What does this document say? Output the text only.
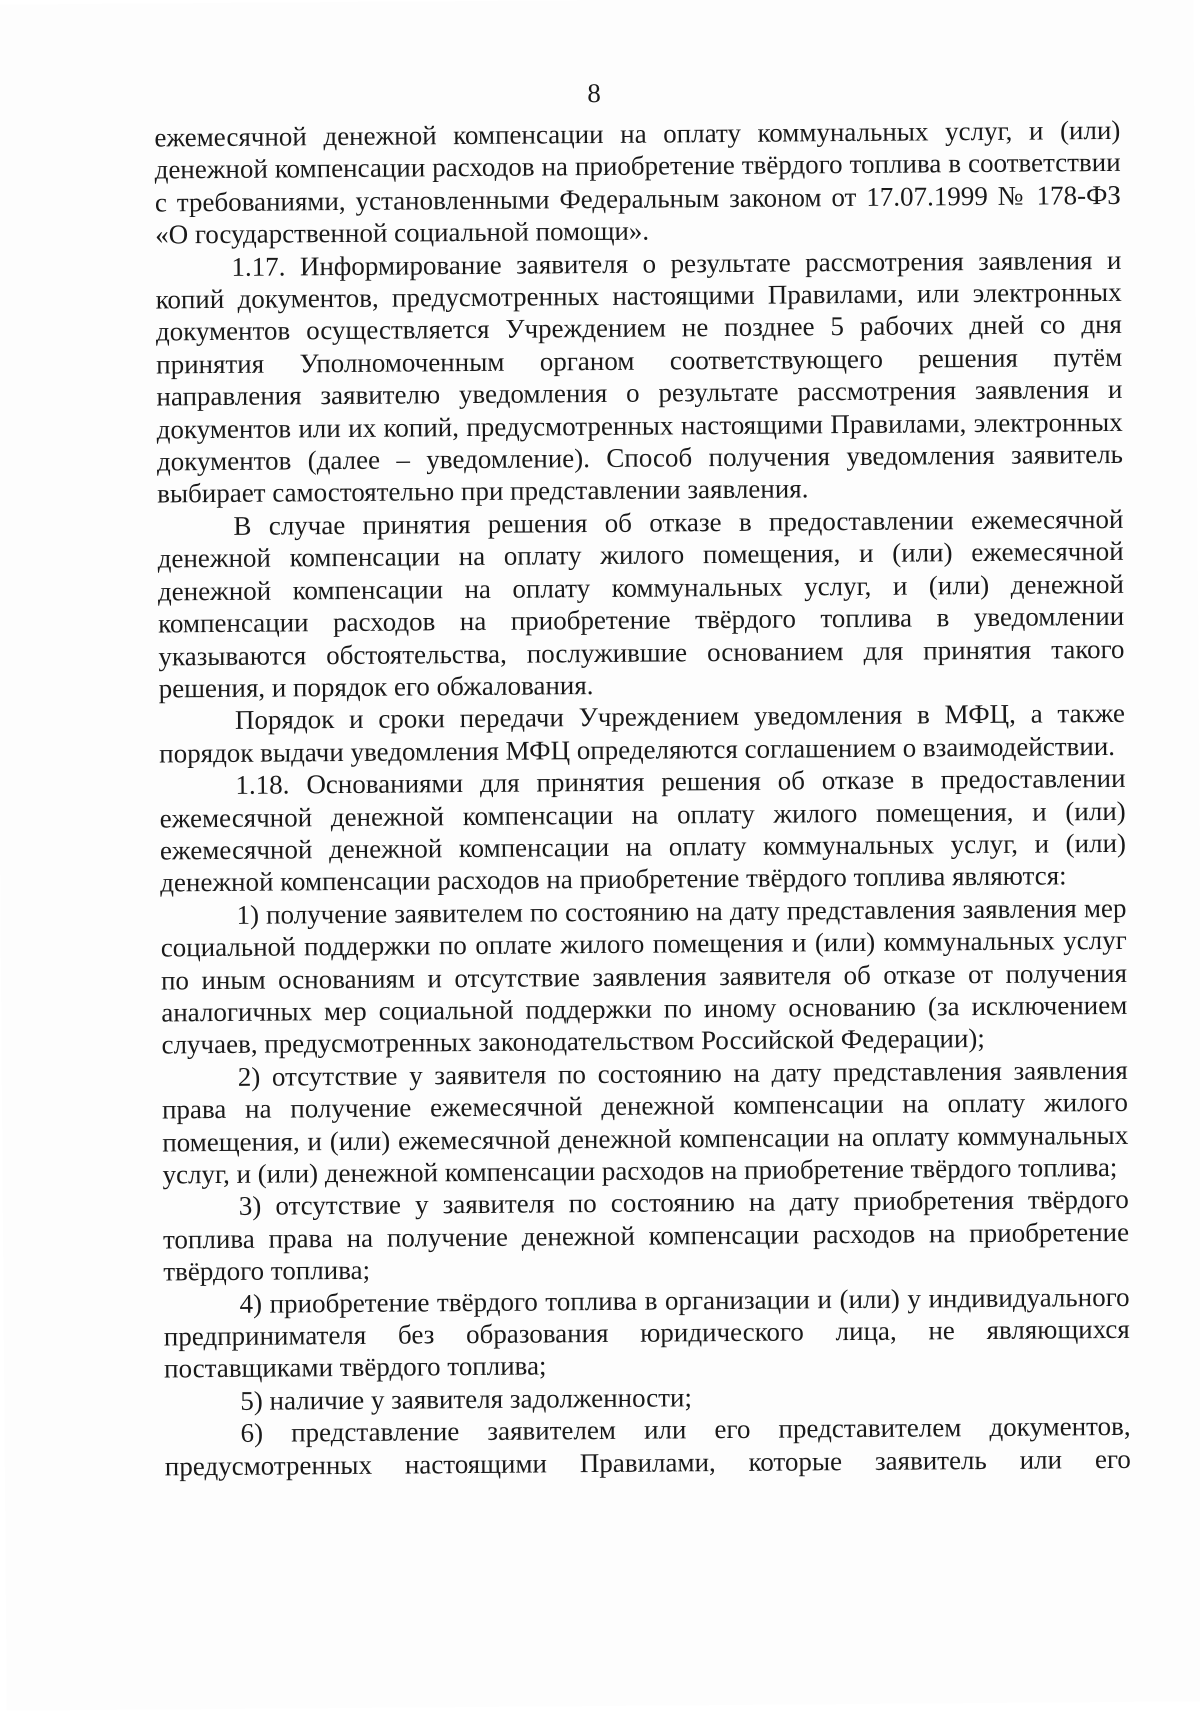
8

ежемесячной денежной компенсации на оплату коммунальных услуг, и (или) денежной компенсации расходов на приобретение твёрдого топлива в соответствии с требованиями, установленными Федеральным законом от 17.07.1999 № 178-ФЗ «О государственной социальной помощи».

1.17. Информирование заявителя о результате рассмотрения заявления и копий документов, предусмотренных настоящими Правилами, или электронных документов осуществляется Учреждением не позднее 5 рабочих дней со дня принятия Уполномоченным органом соответствующего решения путём направления заявителю уведомления о результате рассмотрения заявления и документов или их копий, предусмотренных настоящими Правилами, электронных документов (далее – уведомление). Способ получения уведомления заявитель выбирает самостоятельно при представлении заявления.

В случае принятия решения об отказе в предоставлении ежемесячной денежной компенсации на оплату жилого помещения, и (или) ежемесячной денежной компенсации на оплату коммунальных услуг, и (или) денежной компенсации расходов на приобретение твёрдого топлива в уведомлении указываются обстоятельства, послужившие основанием для принятия такого решения, и порядок его обжалования.

Порядок и сроки передачи Учреждением уведомления в МФЦ, а также порядок выдачи уведомления МФЦ определяются соглашением о взаимодействии.

1.18. Основаниями для принятия решения об отказе в предоставлении ежемесячной денежной компенсации на оплату жилого помещения, и (или) ежемесячной денежной компенсации на оплату коммунальных услуг, и (или) денежной компенсации расходов на приобретение твёрдого топлива являются:

1) получение заявителем по состоянию на дату представления заявления мер социальной поддержки по оплате жилого помещения и (или) коммунальных услуг по иным основаниям и отсутствие заявления заявителя об отказе от получения аналогичных мер социальной поддержки по иному основанию (за исключением случаев, предусмотренных законодательством Российской Федерации);

2) отсутствие у заявителя по состоянию на дату представления заявления права на получение ежемесячной денежной компенсации на оплату жилого помещения, и (или) ежемесячной денежной компенсации на оплату коммунальных услуг, и (или) денежной компенсации расходов на приобретение твёрдого топлива;

3) отсутствие у заявителя по состоянию на дату приобретения твёрдого топлива права на получение денежной компенсации расходов на приобретение твёрдого топлива;

4) приобретение твёрдого топлива в организации и (или) у индивидуального предпринимателя без образования юридического лица, не являющихся поставщиками твёрдого топлива;

5) наличие у заявителя задолженности;

6) представление заявителем или его представителем документов, предусмотренных настоящими Правилами, которые заявитель или его
